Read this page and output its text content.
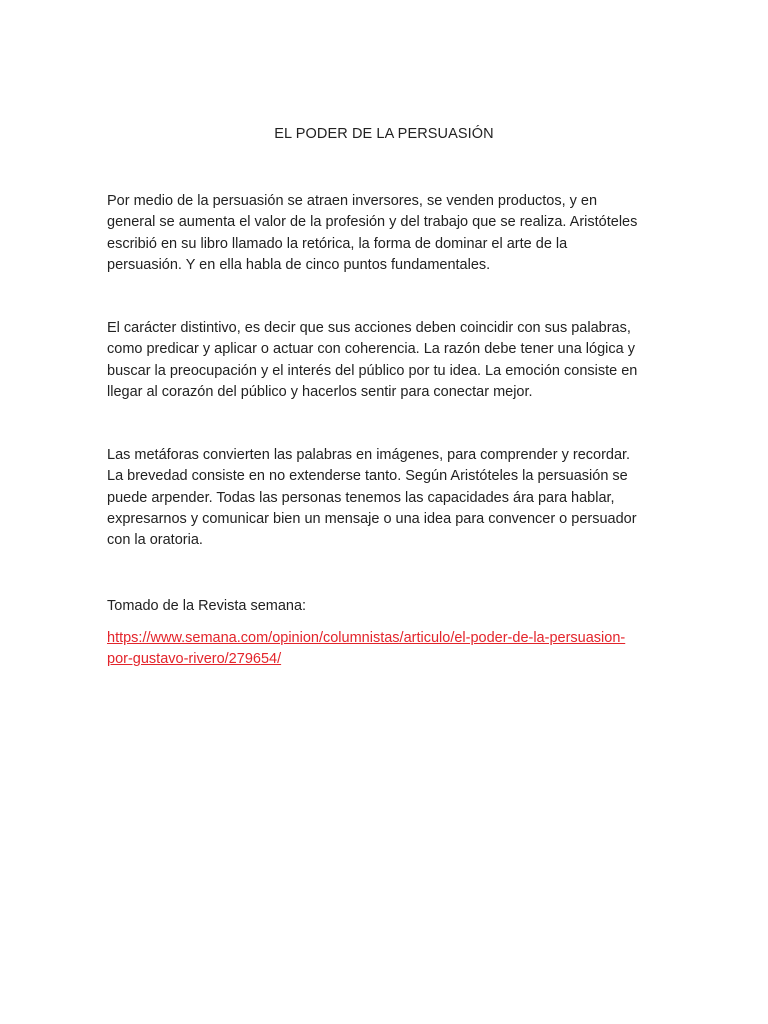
EL PODER DE LA PERSUASIÓN

Por medio de la persuasión se atraen inversores, se venden productos, y en
general se aumenta el valor de la profesión y del trabajo que se realiza. Aristóteles
escribió en su libro llamado la retórica, la forma de dominar el arte de la
persuasión. Y en ella habla de cinco puntos fundamentales.

El carácter distintivo, es decir que sus acciones deben coincidir con sus palabras,
como predicar y aplicar o actuar con coherencia. La razón debe tener una lógica y
buscar la preocupación y el interés del público por tu idea. La emoción consiste en
llegar al corazón del público y hacerlos sentir para conectar mejor.

Las metáforas convierten las palabras en imágenes, para comprender y recordar.
La brevedad consiste en no extenderse tanto. Según Aristóteles la persuasión se
puede arpender. Todas las personas tenemos las capacidades ára para hablar,
expresarnos y comunicar bien un mensaje o una idea para convencer o persuador
con la oratoria.

Tomado de la Revista semana:
https://www.semana.com/opinion/columnistas/articulo/el-poder-de-la-persuasion-
por-gustavo-rivero/279654/
